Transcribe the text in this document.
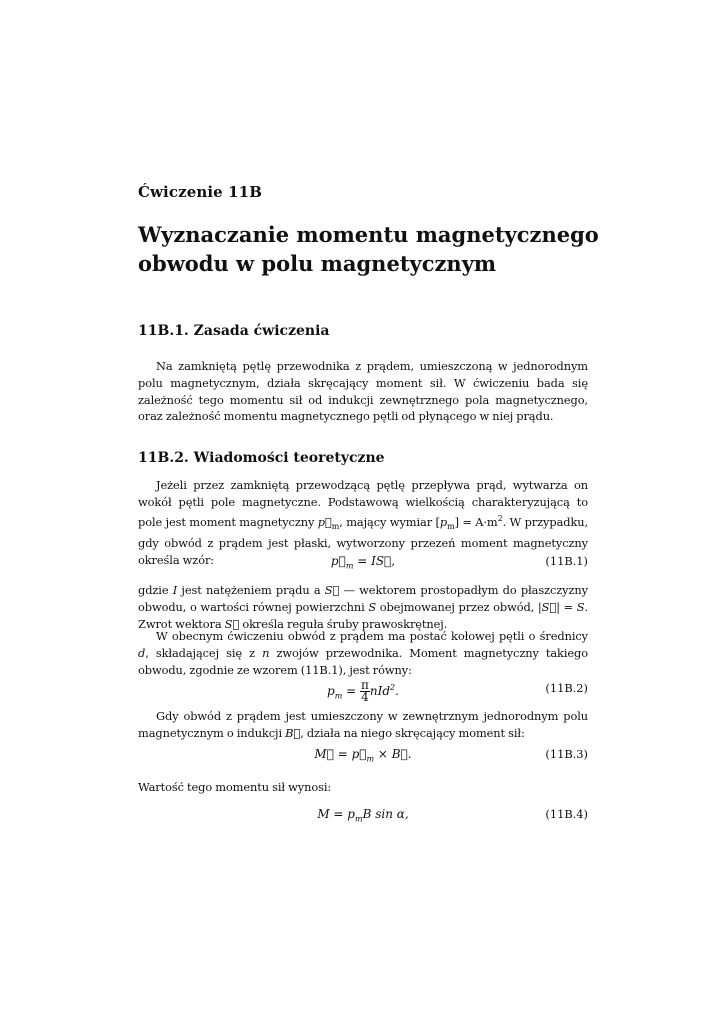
Ćwiczenie 11B
Wyznaczanie momentu magnetycznego obwodu w polu magnetycznym
11B.1. Zasada ćwiczenia
Na zamkniętą pętlę przewodnika z prądem, umieszczoną w jednorodnym polu magnetycznym, działa skręcający moment sił. W ćwiczeniu bada się zależność tego momentu sił od indukcji zewnętrznego pola magnetycznego, oraz zależność momentu magnetycznego pętli od płynącego w niej prądu.
11B.2. Wiadomości teoretyczne
Jeżeli przez zamkniętą przewodzącą pętlę przepływa prąd, wytwarza on wokół pętli pole magnetyczne. Podstawową wielkością charakteryzującą to pole jest moment magnetyczny $p⃗_m$, mający wymiar $[p_m] = A\cdot m^2$. W przypadku, gdy obwód z prądem jest płaski, wytworzony przezeń moment magnetyczny określa wzór:	$p⃗_m$ = IS⃗,	(11B.1)
gdzie I jest natężeniem prądu a S⃗ — wektorem prostopadłym do płaszczyzny obwodu, o wartości równej powierzchni S obejmowanej przez obwód, |S⃗| = S. Zwrot wektora S⃗ określa reguła śruby prawoskrętnej.
W obecnym ćwiczeniu obwód z prądem ma postać kołowej pętli o średnicy d, składającej się z n zwojów przewodnika. Moment magnetyczny takiego obwodu, zgodnie ze wzorem (11B.1), jest równy:
$p_m = \frac{\pi}{4} nId^2$.	(11B.2)
Gdy obwód z prądem jest umieszczony w zewnętrznym jednorodnym polu magnetycznym o indukcji B⃗, działa na niego skręcający moment sił:
M⃗ = $p⃗_m$ × B⃗.	(11B.3)
Wartość tego momentu sił wynosi:
$M = p_mB$ sin α,	(11B.4)
